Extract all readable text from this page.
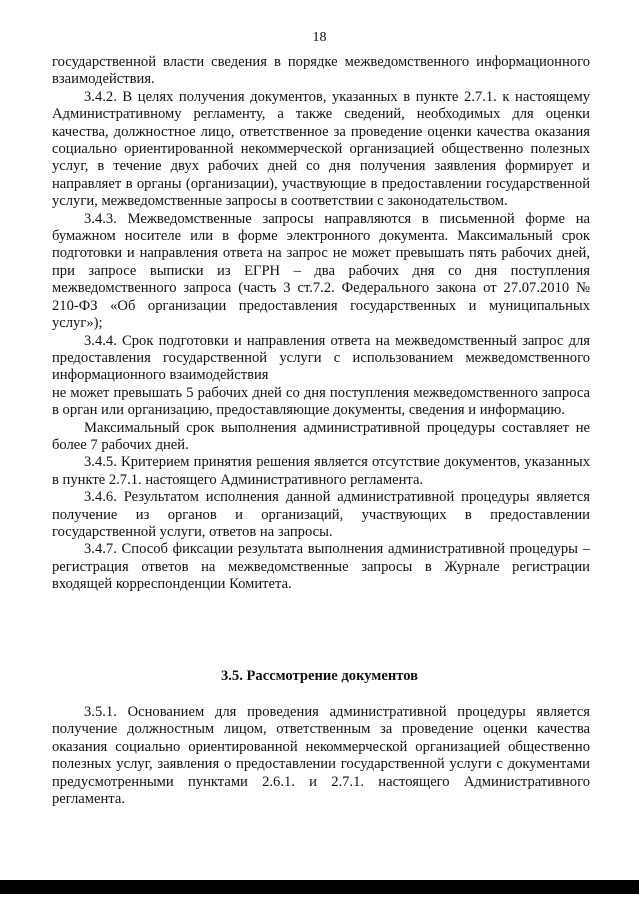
18

государственной власти сведения в порядке межведомственного информационного взаимодействия.

3.4.2. В целях получения документов, указанных в пункте 2.7.1. к настоящему Административному регламенту, а также сведений, необходимых для оценки качества, должностное лицо, ответственное за проведение оценки качества оказания социально ориентированной некоммерческой организацией общественно полезных услуг, в течение двух рабочих дней со дня получения заявления формирует и направляет в органы (организации), участвующие в предоставлении государственной услуги, межведомственные запросы в соответствии с законодательством.

3.4.3. Межведомственные запросы направляются в письменной форме на бумажном носителе или в форме электронного документа. Максимальный срок подготовки и направления ответа на запрос не может превышать пять рабочих дней, при запросе выписки из ЕГРН – два рабочих дня со дня поступления межведомственного запроса (часть 3 ст.7.2. Федерального закона от 27.07.2010 № 210-ФЗ «Об организации предоставления государственных и муниципальных услуг»);

3.4.4. Срок подготовки и направления ответа на межведомственный запрос для предоставления государственной услуги с использованием межведомственного информационного взаимодействия

не может превышать 5 рабочих дней со дня поступления межведомственного запроса в орган или организацию, предоставляющие документы, сведения и информацию.

Максимальный срок выполнения административной процедуры составляет не более 7 рабочих дней.

3.4.5. Критерием принятия решения является отсутствие документов, указанных в пункте 2.7.1. настоящего Административного регламента.

3.4.6. Результатом исполнения данной административной процедуры является получение из органов и организаций, участвующих в предоставлении государственной услуги, ответов на запросы.

3.4.7. Способ фиксации результата выполнения административной процедуры – регистрация ответов на межведомственные запросы в Журнале регистрации входящей корреспонденции Комитета.

3.5. Рассмотрение документов

3.5.1. Основанием для проведения административной процедуры является получение должностным лицом, ответственным за проведение оценки качества оказания социально ориентированной некоммерческой организацией общественно полезных услуг, заявления о предоставлении государственной услуги с документами предусмотренными пунктами 2.6.1. и 2.7.1. настоящего Административного регламента.
